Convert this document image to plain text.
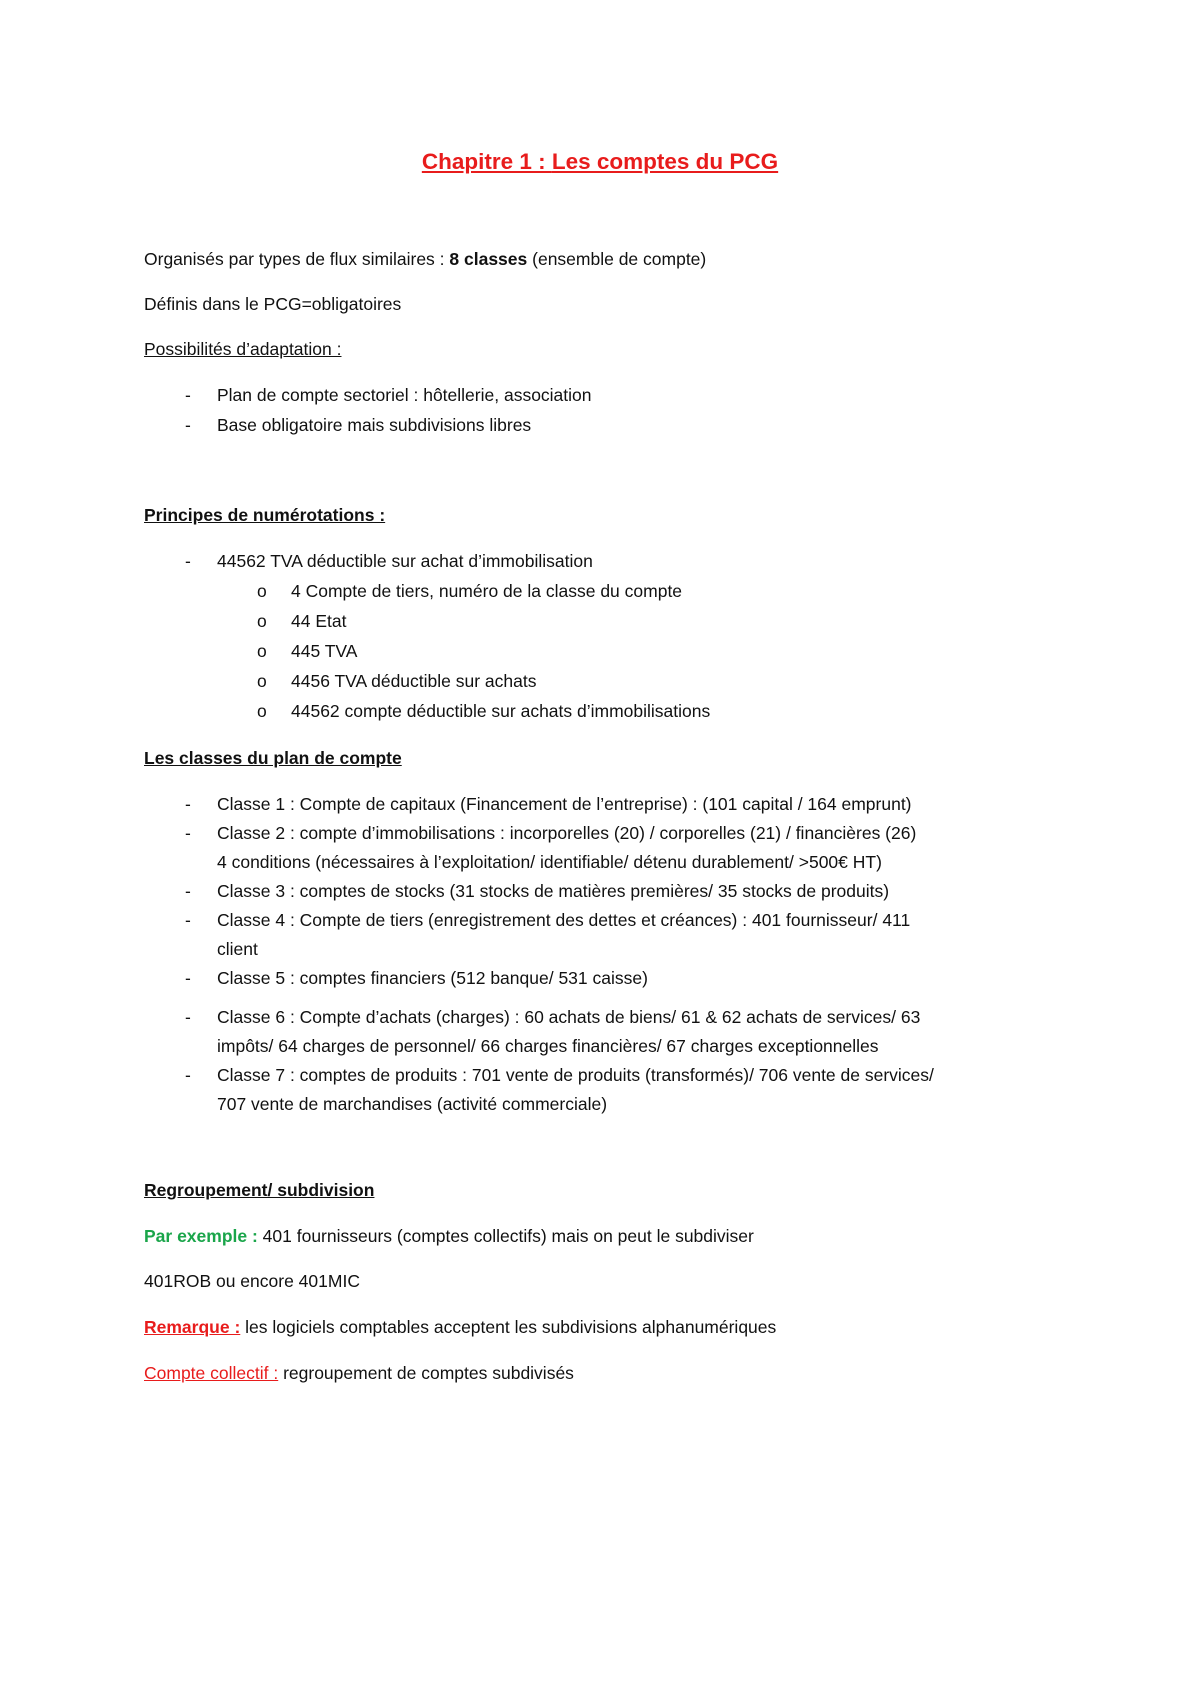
Chapitre 1 : Les comptes du PCG

Organisés par types de flux similaires : 8 classes (ensemble de compte)

Définis dans le PCG=obligatoires

Possibilités d’adaptation :

Plan de compte sectoriel : hôtellerie, association
Base obligatoire mais subdivisions libres

Principes de numérotations :

44562 TVA déductible sur achat d’immobilisation
4 Compte de tiers, numéro de la classe du compte
44 Etat
445 TVA
4456 TVA déductible sur achats
44562 compte déductible sur achats d’immobilisations

Les classes du plan de compte

Classe 1 : Compte de capitaux (Financement de l’entreprise) : (101 capital / 164 emprunt)
Classe 2 : compte d’immobilisations : incorporelles (20) / corporelles (21) / financières (26)
4 conditions (nécessaires à l’exploitation/ identifiable/ détenu durablement/ >500€ HT)
Classe 3 : comptes de stocks (31 stocks de matières premières/ 35 stocks de produits)
Classe 4 : Compte de tiers (enregistrement des dettes et créances) : 401 fournisseur/ 411
client
Classe 5 : comptes financiers (512 banque/ 531 caisse)
Classe 6 : Compte d’achats (charges) : 60 achats de biens/ 61 & 62 achats de services/ 63
impôts/ 64 charges de personnel/ 66 charges financières/ 67 charges exceptionnelles
Classe 7 : comptes de produits : 701 vente de produits (transformés)/ 706 vente de services/
707 vente de marchandises (activité commerciale)

Regroupement/ subdivision

Par exemple : 401 fournisseurs (comptes collectifs) mais on peut le subdiviser

401ROB ou encore 401MIC

Remarque : les logiciels comptables acceptent les subdivisions alphanumériques

Compte collectif : regroupement de comptes subdivisés
